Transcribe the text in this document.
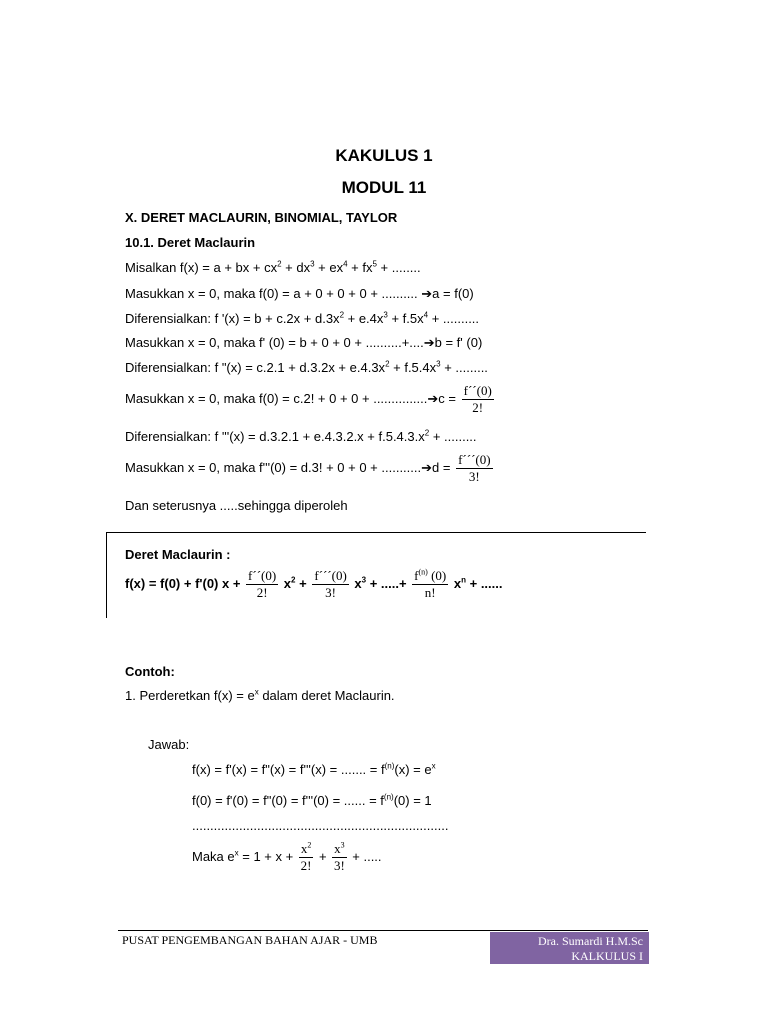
KAKULUS 1
MODUL 11
X. DERET MACLAURIN, BINOMIAL, TAYLOR
10.1. Deret Maclaurin
Misalkan f(x) = a + bx + $cx^2 + dx^3 + ex^4 + fx^5$ + ........
Masukkan x = 0, maka f(0) = a + 0 + 0 + 0 + .......... ➔a = f(0)
Diferensialkan: f '$(x) = b + c.2x + d.3x^2 + e.4x^3 + f.5x^4$ + ..........
Masukkan x = 0, maka f' (0) = b + 0 + 0 + ..........+....➔b = f' (0)
Diferensialkan: f "$(x) = c.2.1 + d.3.2x + e.4.3x^2 + f.5.4x^3$ + .........
Masukkan x = 0, maka f(0) = c.2! + 0 + 0 + ...............➔c = $\frac{f´´(0)}{2!}$
Diferensialkan: f '''$(x) = d.3.2.1 + e.4.3.2.x + f.5.4.3.x^2$ + .........
Masukkan x = 0, maka f'''(0) = d.3! + 0 + 0 + ...........➔d = $\frac{f´´´(0)}{3!}$
Dan seterusnya .....sehingga diperoleh
Deret Maclaurin :
f(x) = f(0) + f'(0) $x + \frac{f´´(0)}{2!} x^2 + \frac{f´´´(0)}{3!} x^3$ + .....+ $\frac{f^{(n)} (0)}{n!} x^n$ + ......
Contoh:
1. Perderetkan $f(x) = e^x$ dalam deret Maclaurin.
Jawab:
f(x) = f'(x) = f"(x) = f'''(x) = ....... = $f^{(n)}(x) = e^x$
f(0) = f'(0) = f"(0) = f'''(0) = ...... = $f^{(n)}(0) = 1$
.......................................................................
Maka $e^x = 1 + x + \frac{x^2}{2!} + \frac{x^3}{3!}$ + .....
PUSAT PENGEMBANGAN BAHAN AJAR - UMB	Dra. Sumardi H.M.Sc
KALKULUS I
